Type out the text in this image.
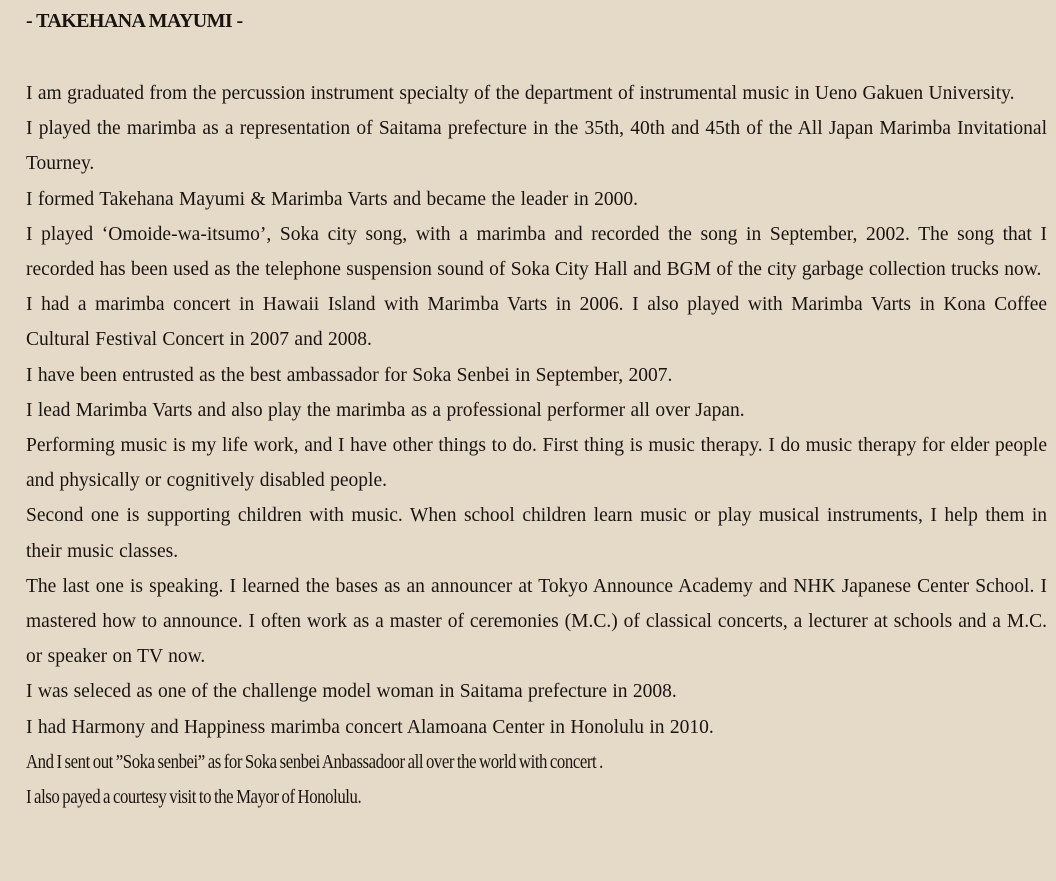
- TAKEHANA MAYUMI -

I am graduated from the percussion instrument specialty of the department of instrumental music in Ueno Gakuen University.

I played the marimba as a representation of Saitama prefecture in the 35th, 40th and 45th of the All Japan Marimba Invitational Tourney.

I formed Takehana Mayumi & Marimba Varts and became the leader in 2000.

I played ‘Omoide-wa-itsumo’, Soka city song, with a marimba and recorded the song in September, 2002. The song that I recorded has been used as the telephone suspension sound of Soka City Hall and BGM of the city garbage collection trucks now.

I had a marimba concert in Hawaii Island with Marimba Varts in 2006. I also played with Marimba Varts in Kona Coffee Cultural Festival Concert in 2007 and 2008.

I have been entrusted as the best ambassador for Soka Senbei in September, 2007.

I lead Marimba Varts and also play the marimba as a professional performer all over Japan.

Performing music is my life work, and I have other things to do. First thing is music therapy. I do music therapy for elder people and physically or cognitively disabled people.

Second one is supporting children with music. When school children learn music or play musical instruments, I help them in their music classes.

The last one is speaking. I learned the bases as an announcer at Tokyo Announce Academy and NHK Japanese Center School. I mastered how to announce. I often work as a master of ceremonies (M.C.) of classical concerts, a lecturer at schools and a M.C. or speaker on TV now.

I was seleced as one of the challenge model woman in Saitama prefecture in 2008.

I had Harmony and Happiness marimba concert Alamoana Center in Honolulu in 2010.

And I sent out ”Soka senbei” as for Soka senbei Anbassadoor all over the world with concert .

I also payed a courtesy visit to the Mayor of Honolulu.
